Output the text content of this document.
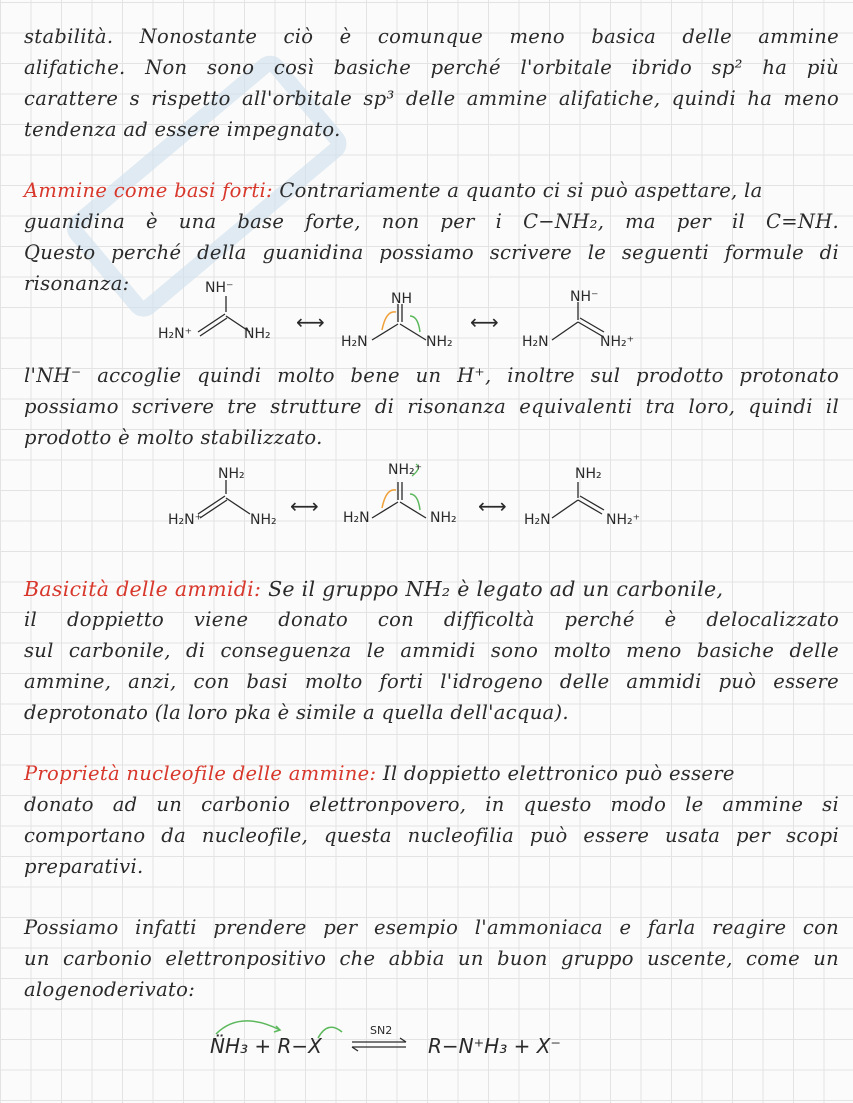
stabilità. Nonostante ciò è comunque meno basica delle ammine
alifatiche. Non sono così basiche perché l'orbitale ibrido sp² ha più
carattere s rispetto all'orbitale sp³ delle ammine alifatiche, quindi ha meno
tendenza ad essere impegnato.
Ammine come basi forti: Contrariamente a quanto ci si può aspettare, la
guanidina è una base forte, non per i C−NH₂, ma per il C=NH.
Questo perché della guanidina possiamo scrivere le seguenti formule di
risonanza:	NH⁻
H₂N⁺	NH₂ ⟷
NH
H₂N	NH₂
⟷
NH⁻
H₂N	NH₂⁺
l'NH⁻ accoglie quindi molto bene un H⁺, inoltre sul prodotto protonato
possiamo scrivere tre strutture di risonanza equivalenti tra loro, quindi il
prodotto è molto stabilizzato.
NH₂
H₂N⁺	NH₂
⟷
NH₂⁺
H₂N	NH₂ ⟷
NH₂
H₂N	NH₂⁺
Basicità delle ammidi: Se il gruppo NH₂ è legato ad un carbonile,
il doppietto viene donato con difficoltà perché è delocalizzato
sul carbonile, di conseguenza le ammidi sono molto meno basiche delle
ammine, anzi, con basi molto forti l'idrogeno delle ammidi può essere
deprotonato (la loro pka è simile a quella dell'acqua).
Proprietà nucleofile delle ammine: Il doppietto elettronico può essere
donato ad un carbonio elettronpovero, in questo modo le ammine si
comportano da nucleofile, questa nucleofilia può essere usata per scopi
preparativi.
Possiamo infatti prendere per esempio l'ammoniaca e farla reagire con
un carbonio elettronpositivo che abbia un buon gruppo uscente, come un
alogenoderivato:
N̈H₃ + R−X
SN2
R−N⁺H₃ + X⁻
